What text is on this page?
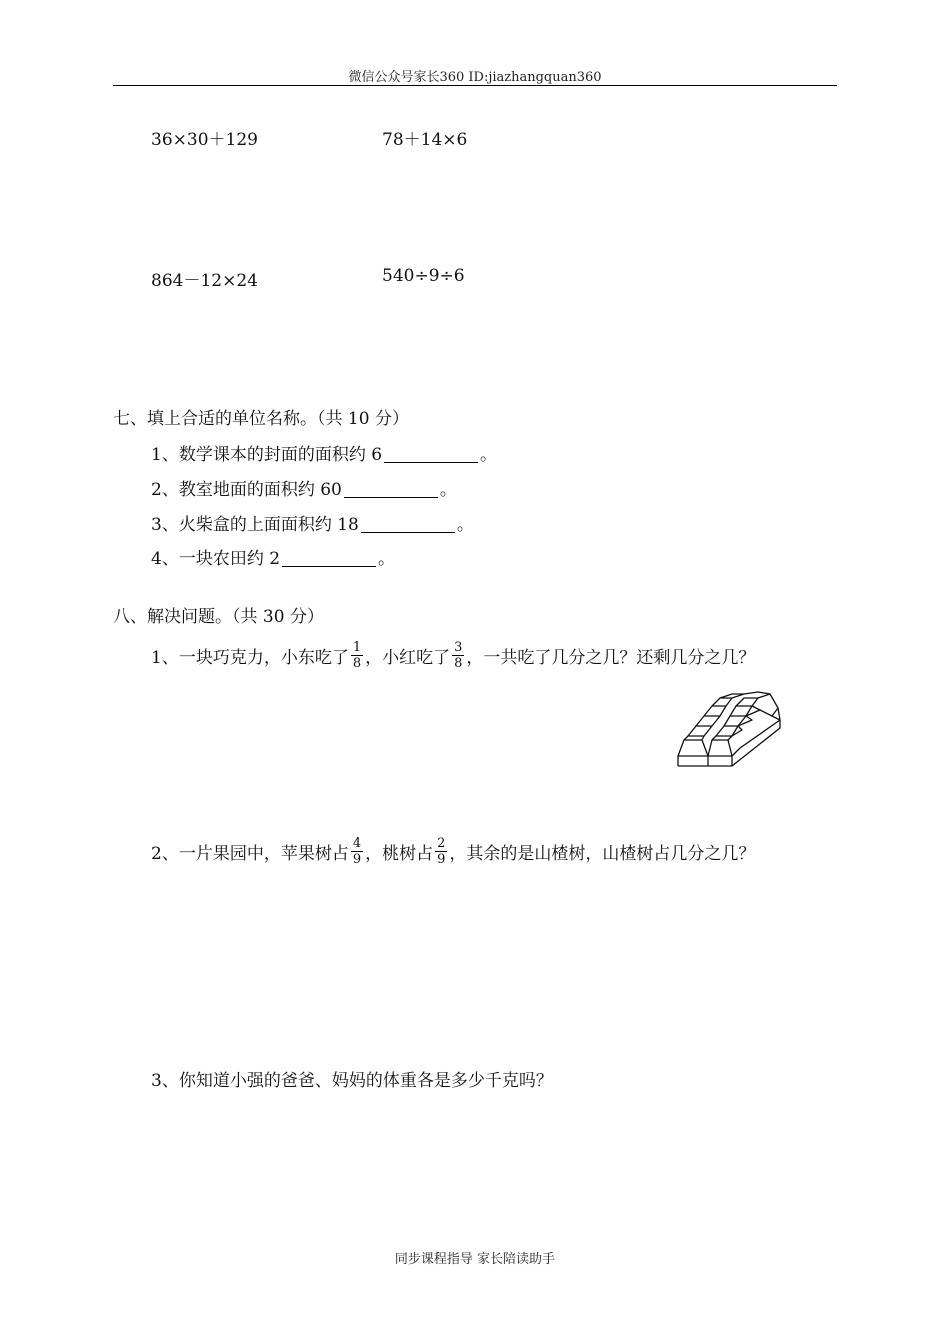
微信公众号家长360 ID:jiazhangquan360
36×30＋129	78＋14×6
864－12×24	540÷9÷6
七、填上合适的单位名称。（共 10 分）
1、数学课本的封面的面积约 6	。
2、教室地面的面积约 60	。
3、火柴盒的上面面积约 18	。
4、一块农田约 2	。
八、解决问题。（共 30 分）
1、一块巧克力，小东吃了 $\frac{1}{8}$ ，小红吃了 $\frac{3}{8}$ ，一共吃了几分之几？还剩几分之几？
2、一片果园中，苹果树占 $\frac{4}{9}$ ，桃树占 $\frac{2}{9}$ ，其余的是山楂树，山楂树占几分之几？
3、你知道小强的爸爸、妈妈的体重各是多少千克吗？
同步课程指导 家长陪读助手
